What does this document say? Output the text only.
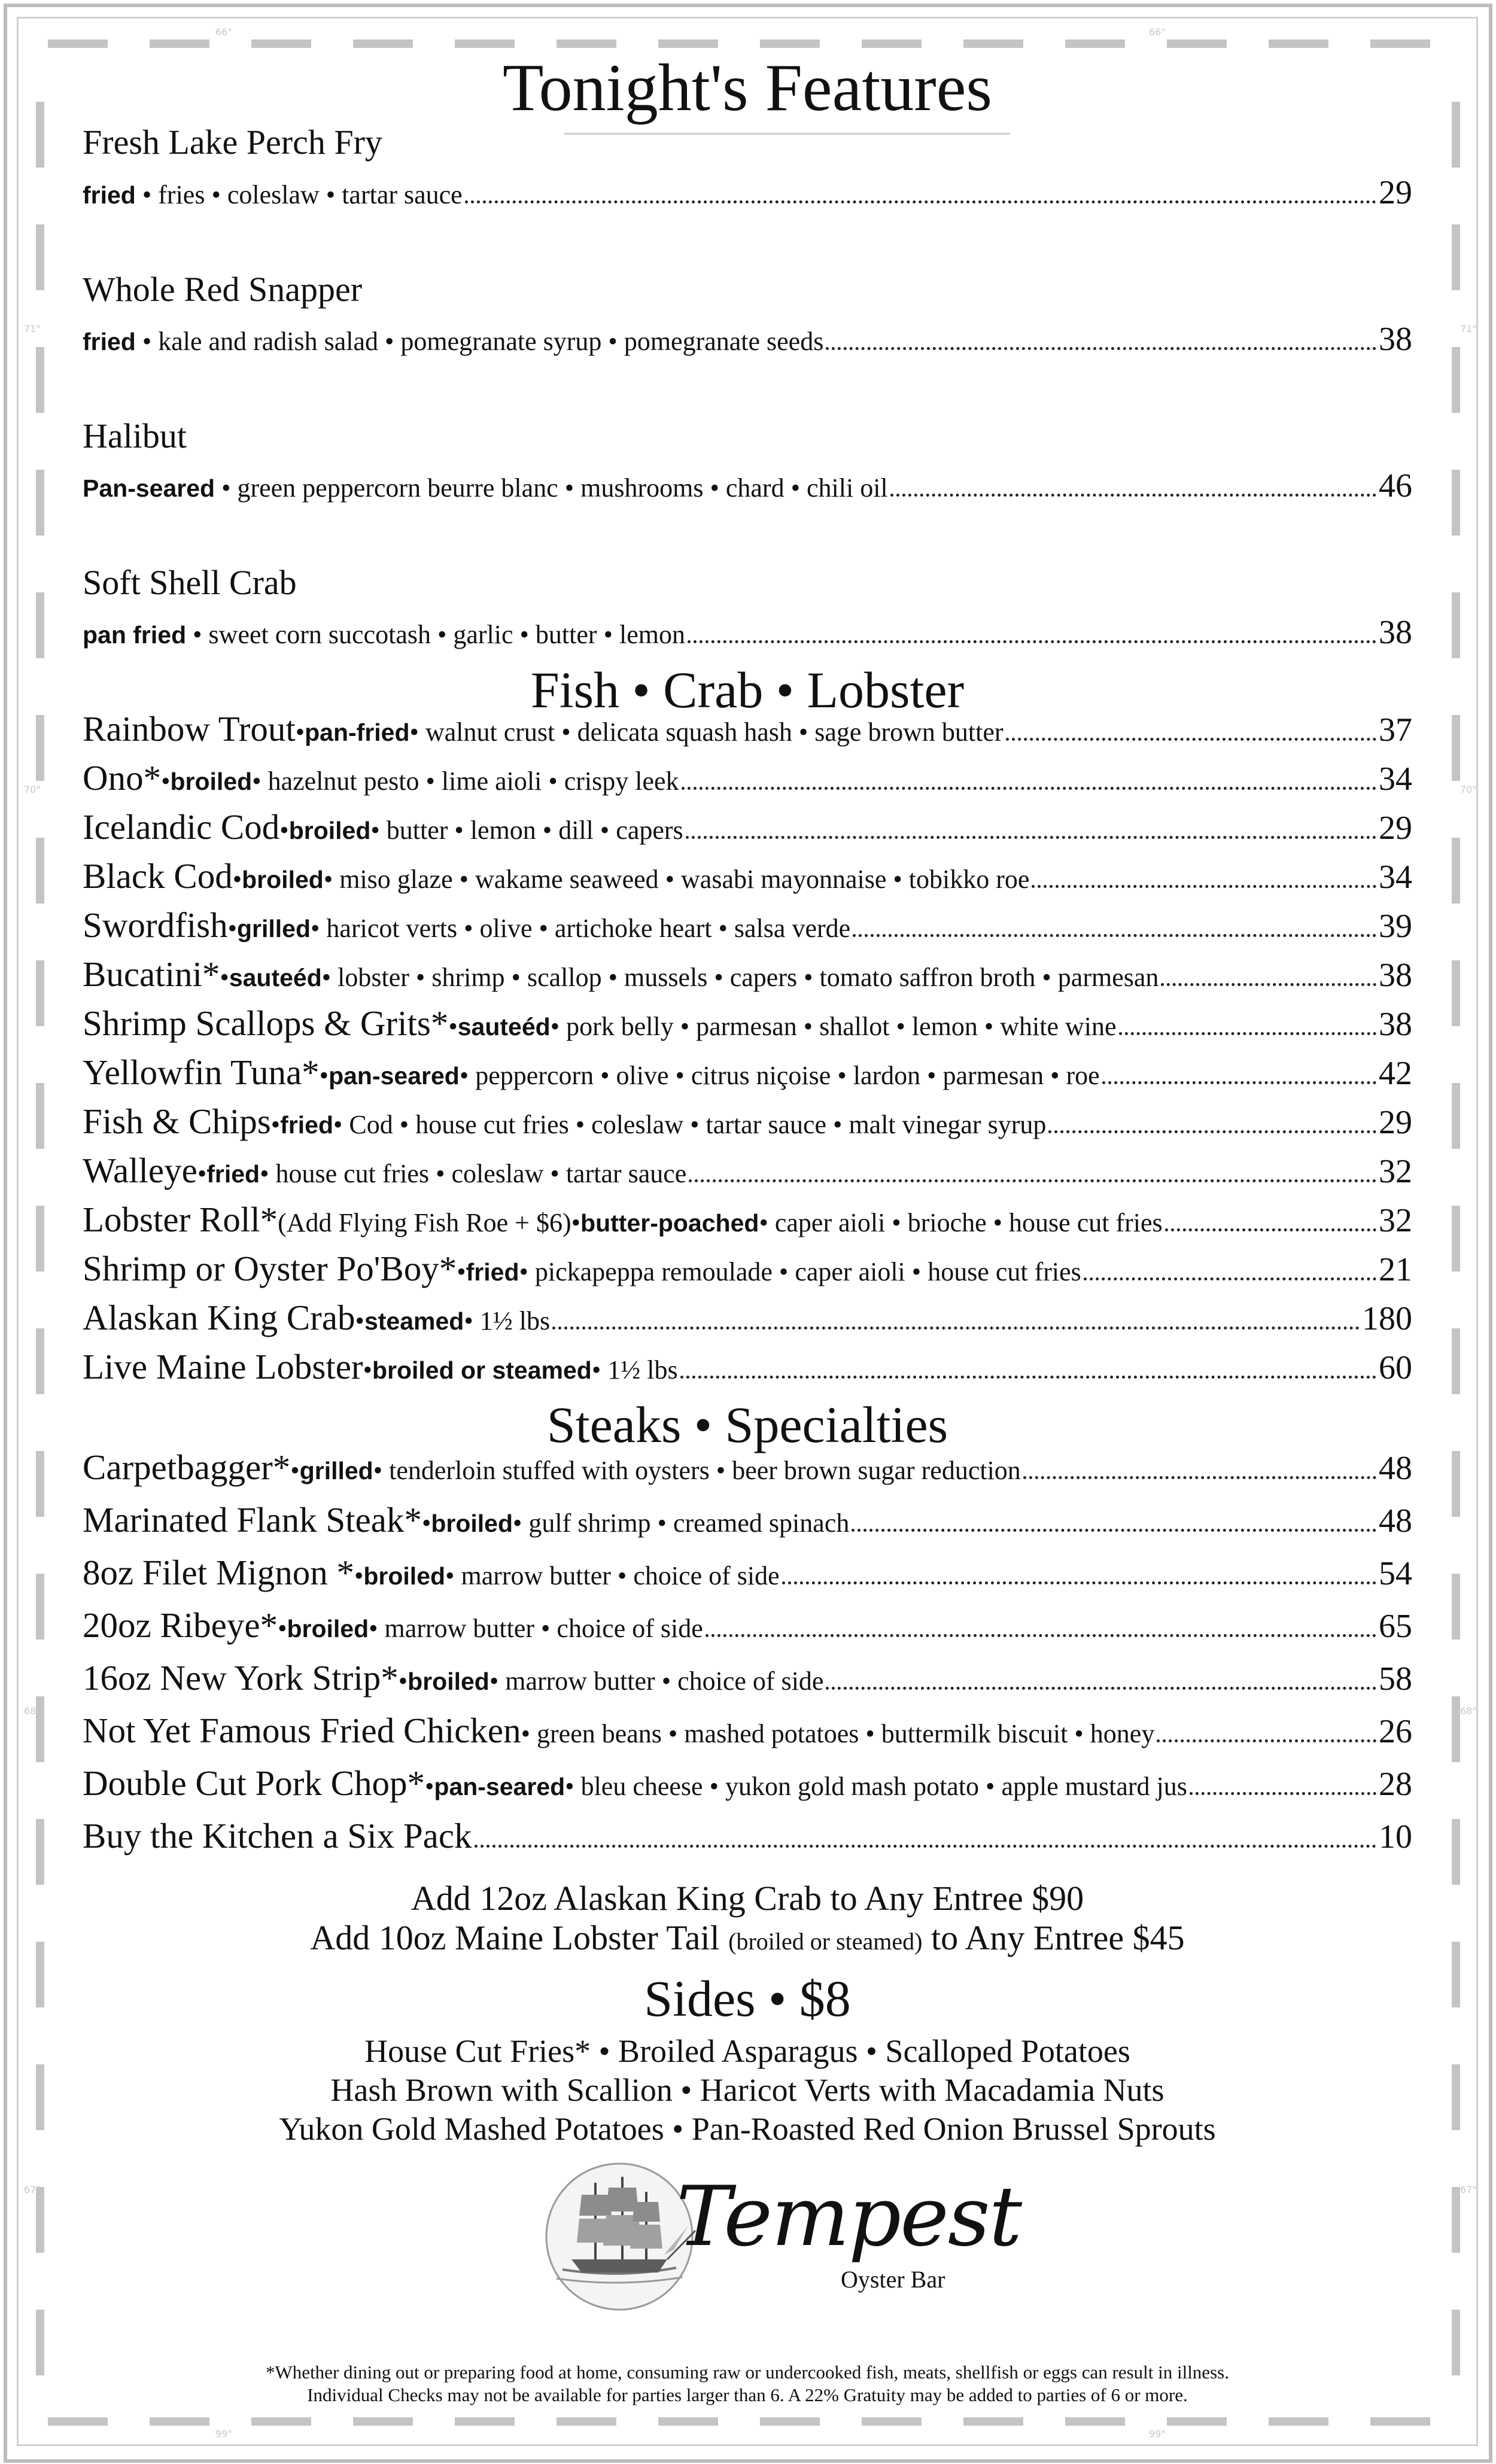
66"	66"
71"	71"
70"	70"
68"	68"
67"	67"
99"	99"
Tonight's Features
Fresh Lake Perch Fry
fried
• fries • coleslaw • tartar sauce	29
Whole Red Snapper
fried
• kale and radish salad • pomegranate syrup • pomegranate seeds	38
Halibut
Pan-seared
• green peppercorn beurre blanc • mushrooms • chard • chili oil	46
Soft Shell Crab
pan fried
• sweet corn succotash • garlic • butter • lemon	38
Fish • Crab • Lobster
Rainbow Trout • pan-fried • walnut crust • delicata squash hash • sage brown butter	37
Ono* • broiled • hazelnut pesto • lime aioli • crispy leek	34
Icelandic Cod • broiled • butter • lemon • dill • capers	29
Black Cod • broiled • miso glaze • wakame seaweed • wasabi mayonnaise • tobikko roe	34
Swordfish • grilled • haricot verts • olive • artichoke heart • salsa verde	39
Bucatini* • sauteéd • lobster • shrimp • scallop • mussels • capers • tomato saffron broth • parmesan	38
Shrimp Scallops & Grits* • sauteéd • pork belly • parmesan • shallot • lemon • white wine	38
Yellowfin Tuna* • pan-seared • peppercorn • olive • citrus niçoise • lardon • parmesan • roe	42
Fish & Chips • fried • Cod • house cut fries • coleslaw • tartar sauce • malt vinegar syrup	29
Walleye • fried • house cut fries • coleslaw • tartar sauce	32
Lobster Roll* (Add Flying Fish Roe + $6) • butter-poached • caper aioli • brioche • house cut fries	32
Shrimp or Oyster Po'Boy* • fried • pickapeppa remoulade • caper aioli • house cut fries	21
Alaskan King Crab • steamed • 1½ lbs	180
Live Maine Lobster • broiled or steamed • 1½ lbs	60
Steaks • Specialties
Carpetbagger* • grilled • tenderloin stuffed with oysters • beer brown sugar reduction	48
Marinated Flank Steak* • broiled • gulf shrimp • creamed spinach	48
8oz Filet Mignon * • broiled • marrow butter • choice of side	54
20oz Ribeye* • broiled • marrow butter • choice of side	65
16oz New York Strip* • broiled • marrow butter • choice of side	58
Not Yet Famous Fried Chicken • green beans • mashed potatoes • buttermilk biscuit • honey	26
Double Cut Pork Chop* • pan-seared • bleu cheese • yukon gold mash potato • apple mustard jus	28
Buy the Kitchen a Six Pack	10
Add 12oz Alaskan King Crab to Any Entree $90
Add 10oz Maine Lobster Tail (broiled or steamed) to Any Entree $45
Sides • $8
House Cut Fries* • Broiled Asparagus • Scalloped Potatoes
Hash Brown with Scallion • Haricot Verts with Macadamia Nuts
Yukon Gold Mashed Potatoes • Pan-Roasted Red Onion Brussel Sprouts
*Whether dining out or preparing food at home, consuming raw or undercooked fish, meats, shellfish or eggs can result in illness.
Individual Checks may not be available for parties larger than 6. A 22% Gratuity may be added to parties of 6 or more.
Tempest
Oyster Bar
